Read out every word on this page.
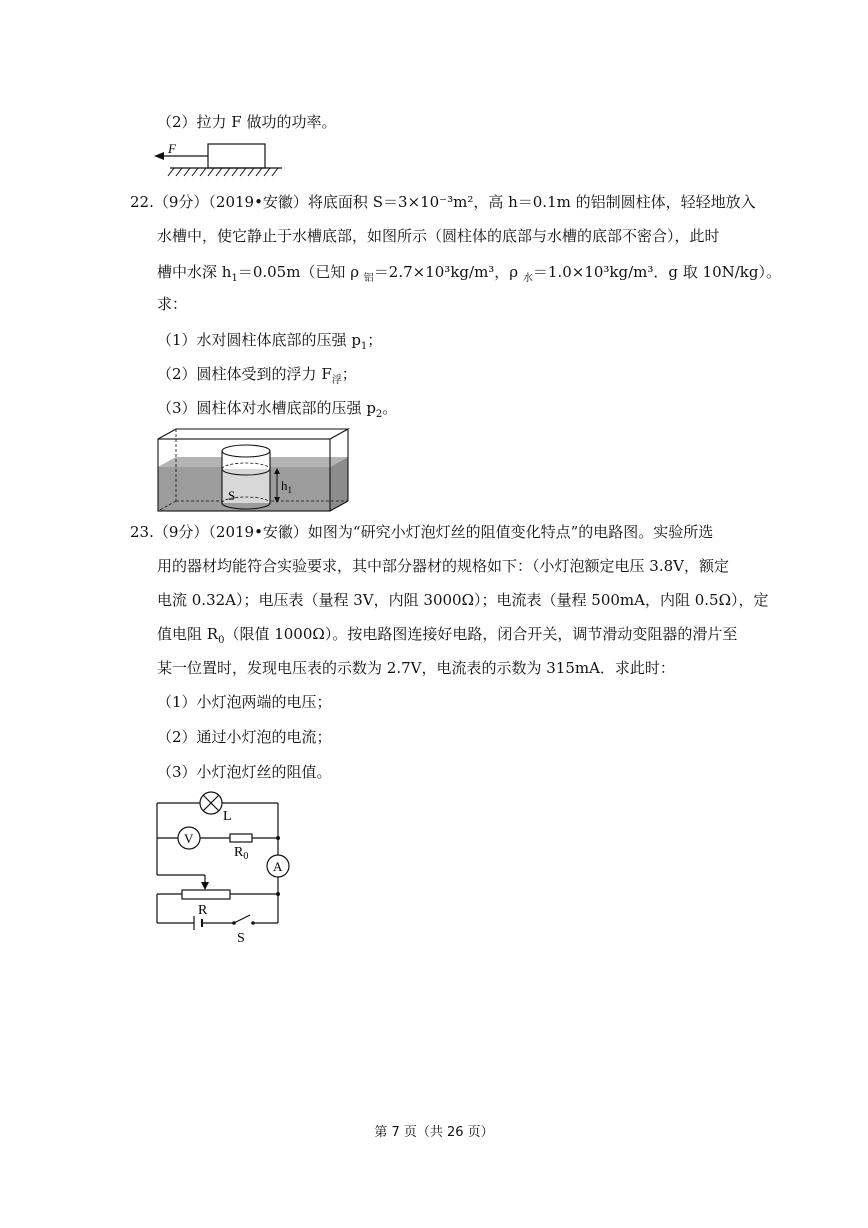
（2）拉力 F 做功的功率。
F
22.（9分）（2019•安徽）将底面积 S＝3×10⁻³m²，高 h＝0.1m 的铝制圆柱体，轻轻地放入
水槽中，使它静止于水槽底部，如图所示（圆柱体的底部与水槽的底部不密合），此时
槽中水深 $h_1=0.05m$（已知 ρ $_铝$＝2.7×10³kg/m³，ρ $_水$＝1.0×10³kg/m³．g 取 10N/kg）。
求：
（1）水对圆柱体底部的压强 $p_1$；
（2）圆柱体受到的浮力 $F_浮$；
（3）圆柱体对水槽底部的压强 $p_2$。
S
$h_1$
23.（9分）（2019•安徽）如图为“研究小灯泡灯丝的阻值变化特点”的电路图。实验所选
用的器材均能符合实验要求，其中部分器材的规格如下：（小灯泡额定电压 3.8V，额定
电流 0.32A）；电压表（量程 3V，内阻 3000Ω）；电流表（量程 500mA，内阻 0.5Ω），定
值电阻 $R_0$（限值 1000Ω）。按电路图连接好电路，闭合开关，调节滑动变阻器的滑片至
某一位置时，发现电压表的示数为 2.7V，电流表的示数为 315mA．求此时：
（1）小灯泡两端的电压；
（2）通过小灯泡的电流；
（3）小灯泡灯丝的阻值。
L
V
$R_0$
A
R
S
第 7 页（共 26 页）
